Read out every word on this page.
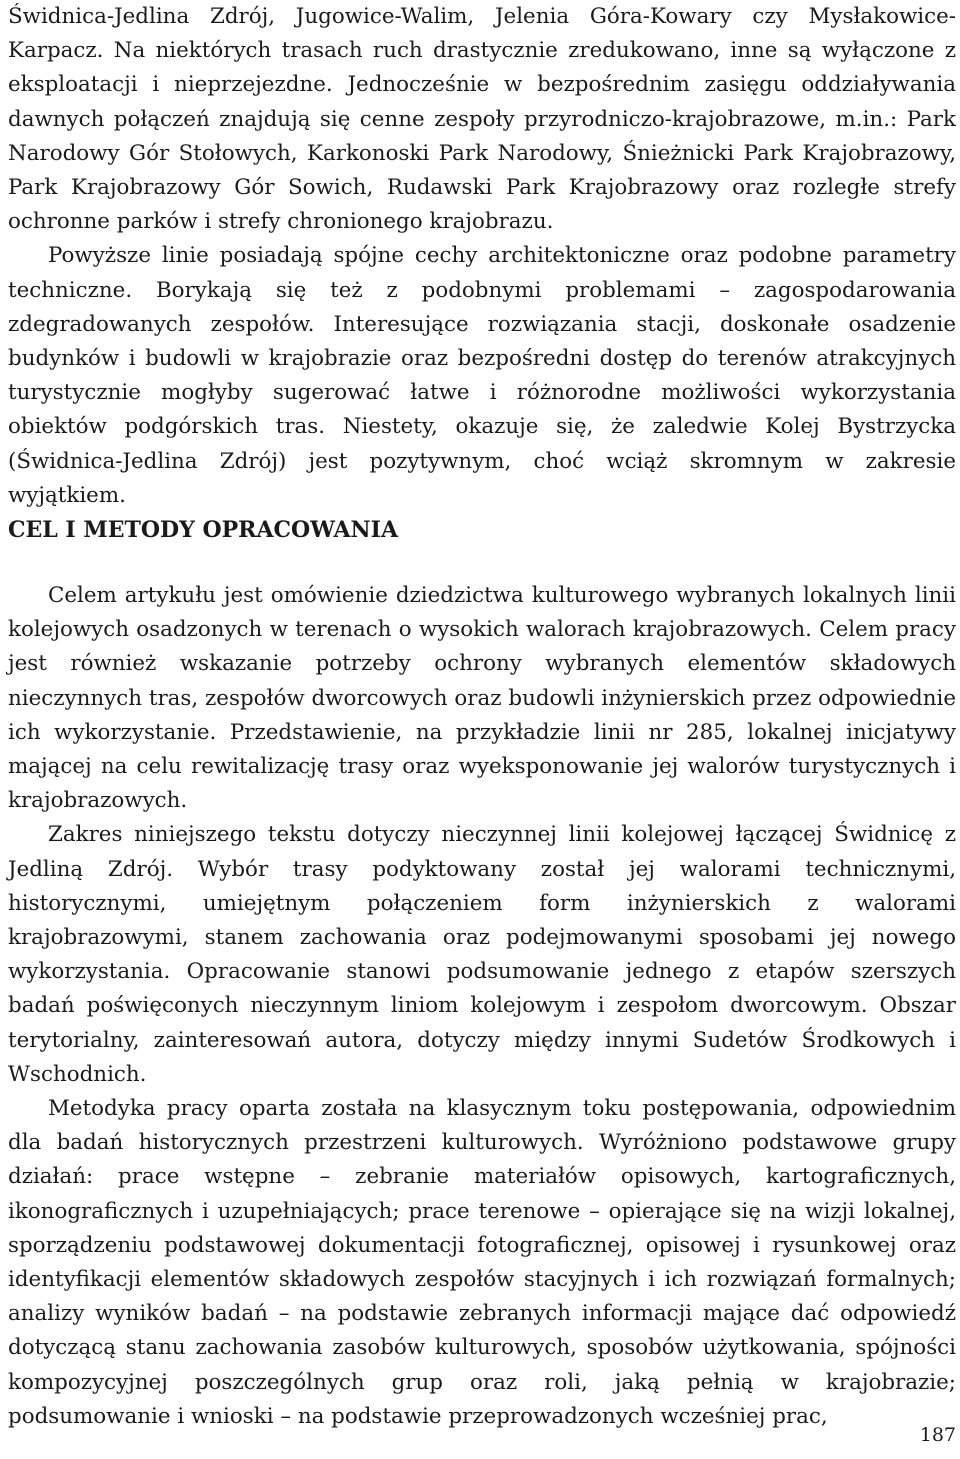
Świdnica-Jedlina Zdrój, Jugowice-Walim, Jelenia Góra-Kowary czy Mysłakowice-Karpacz. Na niektórych trasach ruch drastycznie zredukowano, inne są wyłączone z eksploatacji i nieprzejezdne. Jednocześnie w bezpośrednim zasięgu oddziaływania dawnych połączeń znajdują się cenne zespoły przyrodniczo-krajobrazowe, m.in.: Park Narodowy Gór Stołowych, Karkonoski Park Narodowy, Śnieżnicki Park Krajobrazowy, Park Krajobrazowy Gór Sowich, Rudawski Park Krajobrazowy oraz rozległe strefy ochronne parków i strefy chronionego krajobrazu.

Powyższe linie posiadają spójne cechy architektoniczne oraz podobne parametry techniczne. Borykają się też z podobnymi problemami – zagospodarowania zdegradowanych zespołów. Interesujące rozwiązania stacji, doskonałe osadzenie budynków i budowli w krajobrazie oraz bezpośredni dostęp do terenów atrakcyjnych turystycznie mogłyby sugerować łatwe i różnorodne możliwości wykorzystania obiektów podgórskich tras. Niestety, okazuje się, że zaledwie Kolej Bystrzycka (Świdnica-Jedlina Zdrój) jest pozytywnym, choć wciąż skromnym w zakresie wyjątkiem.

CEL I METODY OPRACOWANIA

Celem artykułu jest omówienie dziedzictwa kulturowego wybranych lokalnych linii kolejowych osadzonych w terenach o wysokich walorach krajobrazowych. Celem pracy jest również wskazanie potrzeby ochrony wybranych elementów składowych nieczynnych tras, zespołów dworcowych oraz budowli inżynierskich przez odpowiednie ich wykorzystanie. Przedstawienie, na przykładzie linii nr 285, lokalnej inicjatywy mającej na celu rewitalizację trasy oraz wyeksponowanie jej walorów turystycznych i krajobrazowych.

Zakres niniejszego tekstu dotyczy nieczynnej linii kolejowej łączącej Świdnicę z Jedliną Zdrój. Wybór trasy podyktowany został jej walorami technicznymi, historycznymi, umiejętnym połączeniem form inżynierskich z walorami krajobrazowymi, stanem zachowania oraz podejmowanymi sposobami jej nowego wykorzystania. Opracowanie stanowi podsumowanie jednego z etapów szerszych badań poświęconych nieczynnym liniom kolejowym i zespołom dworcowym. Obszar terytorialny, zainteresowań autora, dotyczy między innymi Sudetów Środkowych i Wschodnich.

Metodyka pracy oparta została na klasycznym toku postępowania, odpowiednim dla badań historycznych przestrzeni kulturowych. Wyróżniono podstawowe grupy działań: prace wstępne – zebranie materiałów opisowych, kartograficznych, ikonograficznych i uzupełniających; prace terenowe – opierające się na wizji lokalnej, sporządzeniu podstawowej dokumentacji fotograficznej, opisowej i rysunkowej oraz identyfikacji elementów składowych zespołów stacyjnych i ich rozwiązań formalnych; analizy wyników badań – na podstawie zebranych informacji mające dać odpowiedź dotyczącą stanu zachowania zasobów kulturowych, sposobów użytkowania, spójności kompozycyjnej poszczególnych grup oraz roli, jaką pełnią w krajobrazie; podsumowanie i wnioski – na podstawie przeprowadzonych wcześniej prac,

187
